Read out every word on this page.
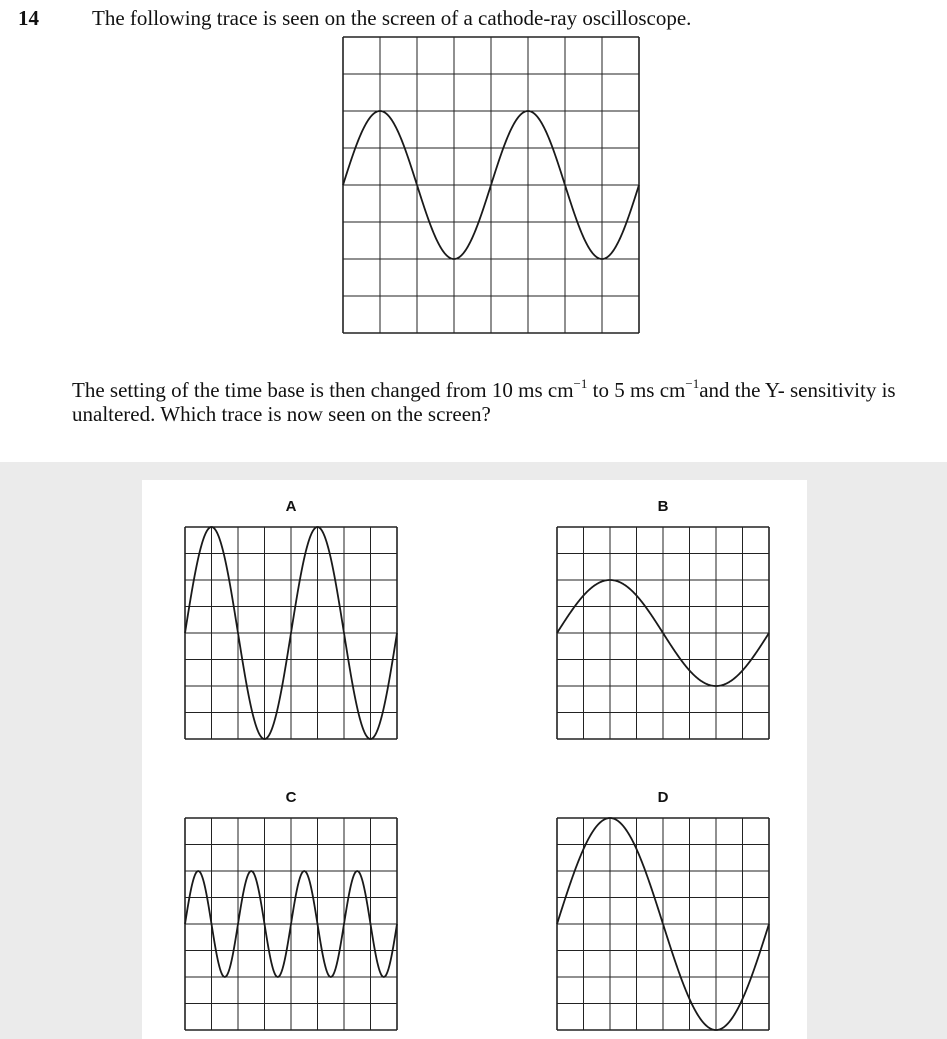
14	The following trace is seen on the screen of a cathode-ray oscilloscope.
The setting of the time base is then changed from 10 ms $cm^{-1}$ to 5 ms $cm^{-1}and$ the Y- sensitivity is unaltered. Which trace is now seen on the screen?
A	B
C	D
